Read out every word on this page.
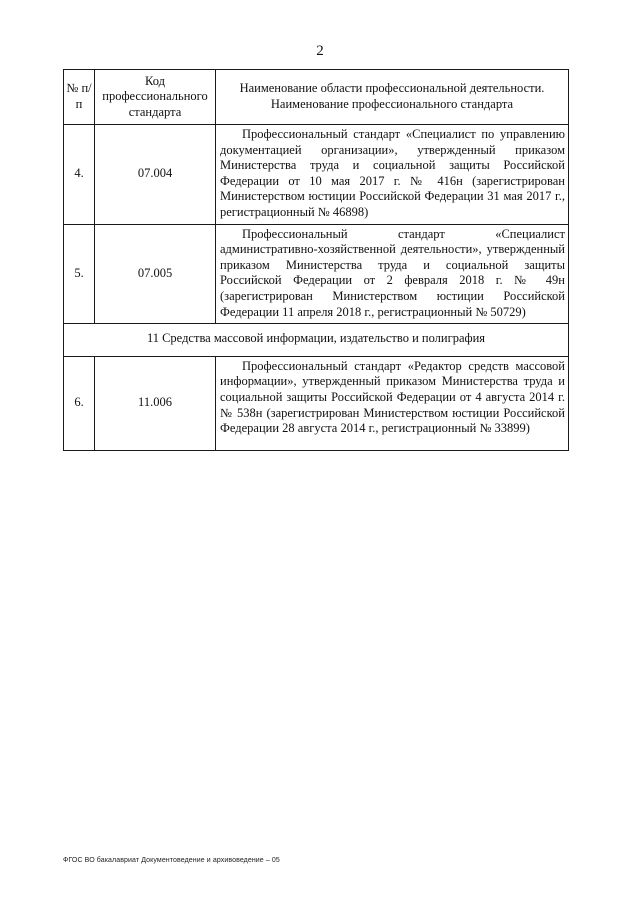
2
№ п/п	Код профессионального стандарта	Наименование области профессиональной деятельности. Наименование профессионального стандарта
4.	07.004	Профессиональный стандарт «Специалист по управлению документацией организации», утвержденный приказом Министерства труда и социальной защиты Российской Федерации от 10 мая 2017 г. № 416н (зарегистрирован Министерством юстиции Российской Федерации 31 мая 2017 г., регистрационный № 46898)
5.	07.005	Профессиональный стандарт «Специалист административно-хозяйственной деятельности», утвержденный приказом Министерства труда и социальной защиты Российской Федерации от 2 февраля 2018 г. № 49н (зарегистрирован Министерством юстиции Российской Федерации 11 апреля 2018 г., регистрационный № 50729)
11 Средства массовой информации, издательство и полиграфия		
6.	11.006	Профессиональный стандарт «Редактор средств массовой информации», утвержденный приказом Министерства труда и социальной защиты Российской Федерации от 4 августа 2014 г. № 538н (зарегистрирован Министерством юстиции Российской Федерации 28 августа 2014 г., регистрационный № 33899)
ФГОС ВО бакалавриат Документоведение и архивоведение – 05
